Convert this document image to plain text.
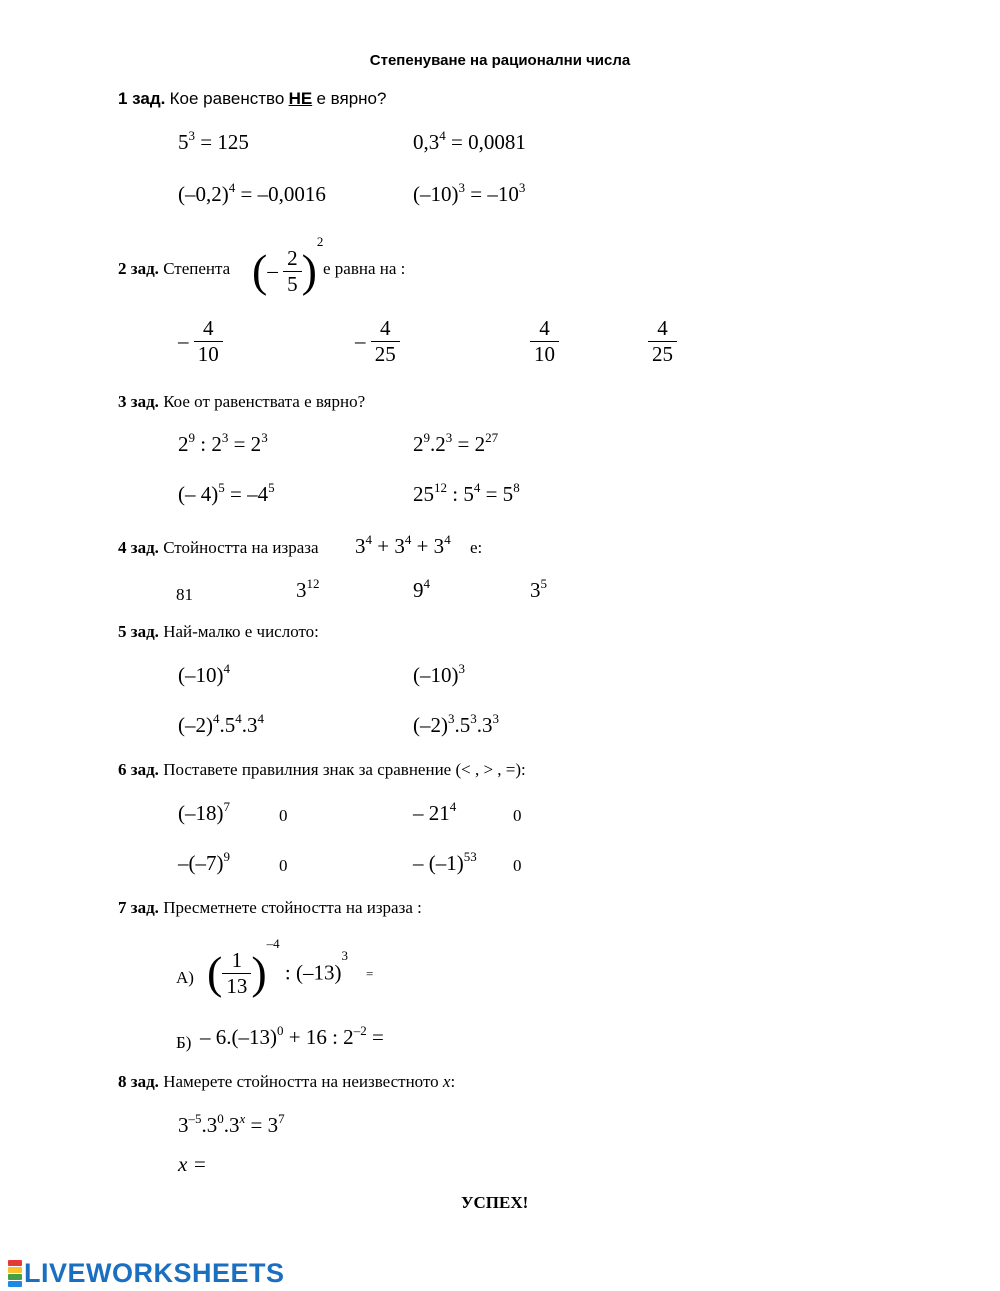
Степенуване на рационални числа
1 зад. Кое равенство НЕ е вярно?
$5^3 = 125$	$0,3^4 = 0,0081$
$(-0,2)^4 = -0,0016$	$(-10)^3 = -10^3$
2 зад. Степента (– $\frac{2}{5} )^2$
е равна на :
– $\frac{4}{10}$	– $\frac{4}{25}$	$\frac{4}{10}$	$\frac{4}{25}$
3 зад. Кое от равенствата е вярно?
$2^9$ : $2^3 = 2^3$	$2^9.2^3 = 2^{27}$
(– $4)^5 = -4^5$	$25^{12}$ : $5^4 = 5^8$
4 зад. Стойността на израза $3^4 + 3^4 + 3^4$ е:
81	$3^{12}$	$9^4$	$3^5$
5 зад. Най-малко е числото:
$(-10)^4$	$(-10)^3$
$(-2)^4.5^4.3^4$	$(-2)^3.5^3.3^3$
6 зад. Поставете правилния знак за сравнение (< , > , =):
$(-18)^7$	0	– $21^4$	0
$-(-7)^9$	0	– $(-1)^{53}$ 0
7 зад. Пресметнете стойността на израза :
А) ( $\frac{1}{13} )^{-4}$ : $(-13)^3$
=
$Б) - 6.(-13)^0 + 16$ : $2^{-2}$ =
8 зад. Намерете стойността на неизвестното x:
$3^{-5}.3^0.3^x = 3^7$
x =
УСПЕХ!
LIVEWORKSHEETS
